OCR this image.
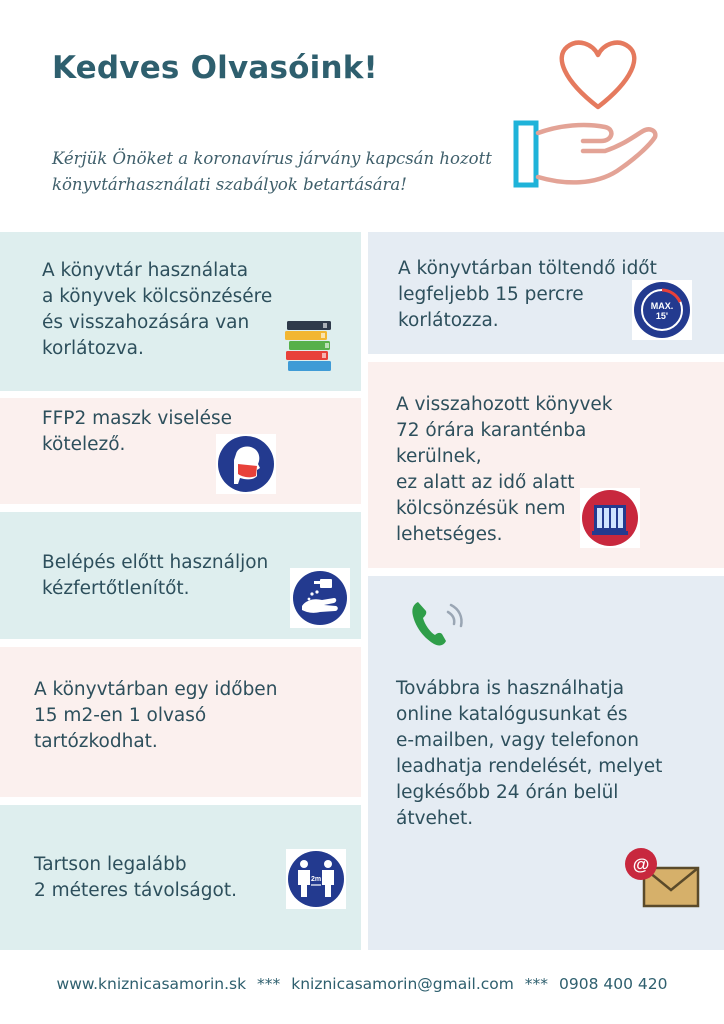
Kedves Olvasóink!
Kérjük Önöket a koronavírus járvány kapcsán hozott
könyvtárhasználati szabályok betartására!
A könyvtár használata
a könyvek kölcsönzésére
és visszahozására van
korlátozva.
A könyvtárban töltendő időt
legfeljebb 15 percre
korlátozza.
MAX.
15'
FFP2 maszk viselése
kötelező.
A visszahozott könyvek
72 órára karanténba
kerülnek,
ez alatt az idő alatt
kölcsönzésük nem
lehetséges.
Belépés előtt használjon
kézfertőtlenítőt.
Továbbra is használhatja
online katalógusunkat és
e-mailben, vagy telefonon
leadhatja rendelését, melyet
legkésőbb 24 órán belül
átvehet.
@
A könyvtárban egy időben
15 m2-en 1 olvasó
tartózkodhat.
Tartson legalább
2 méteres távolságot.
2m
www.kniznicasamorin.sk *** kniznicasamorin@gmail.com *** 0908 400 420
